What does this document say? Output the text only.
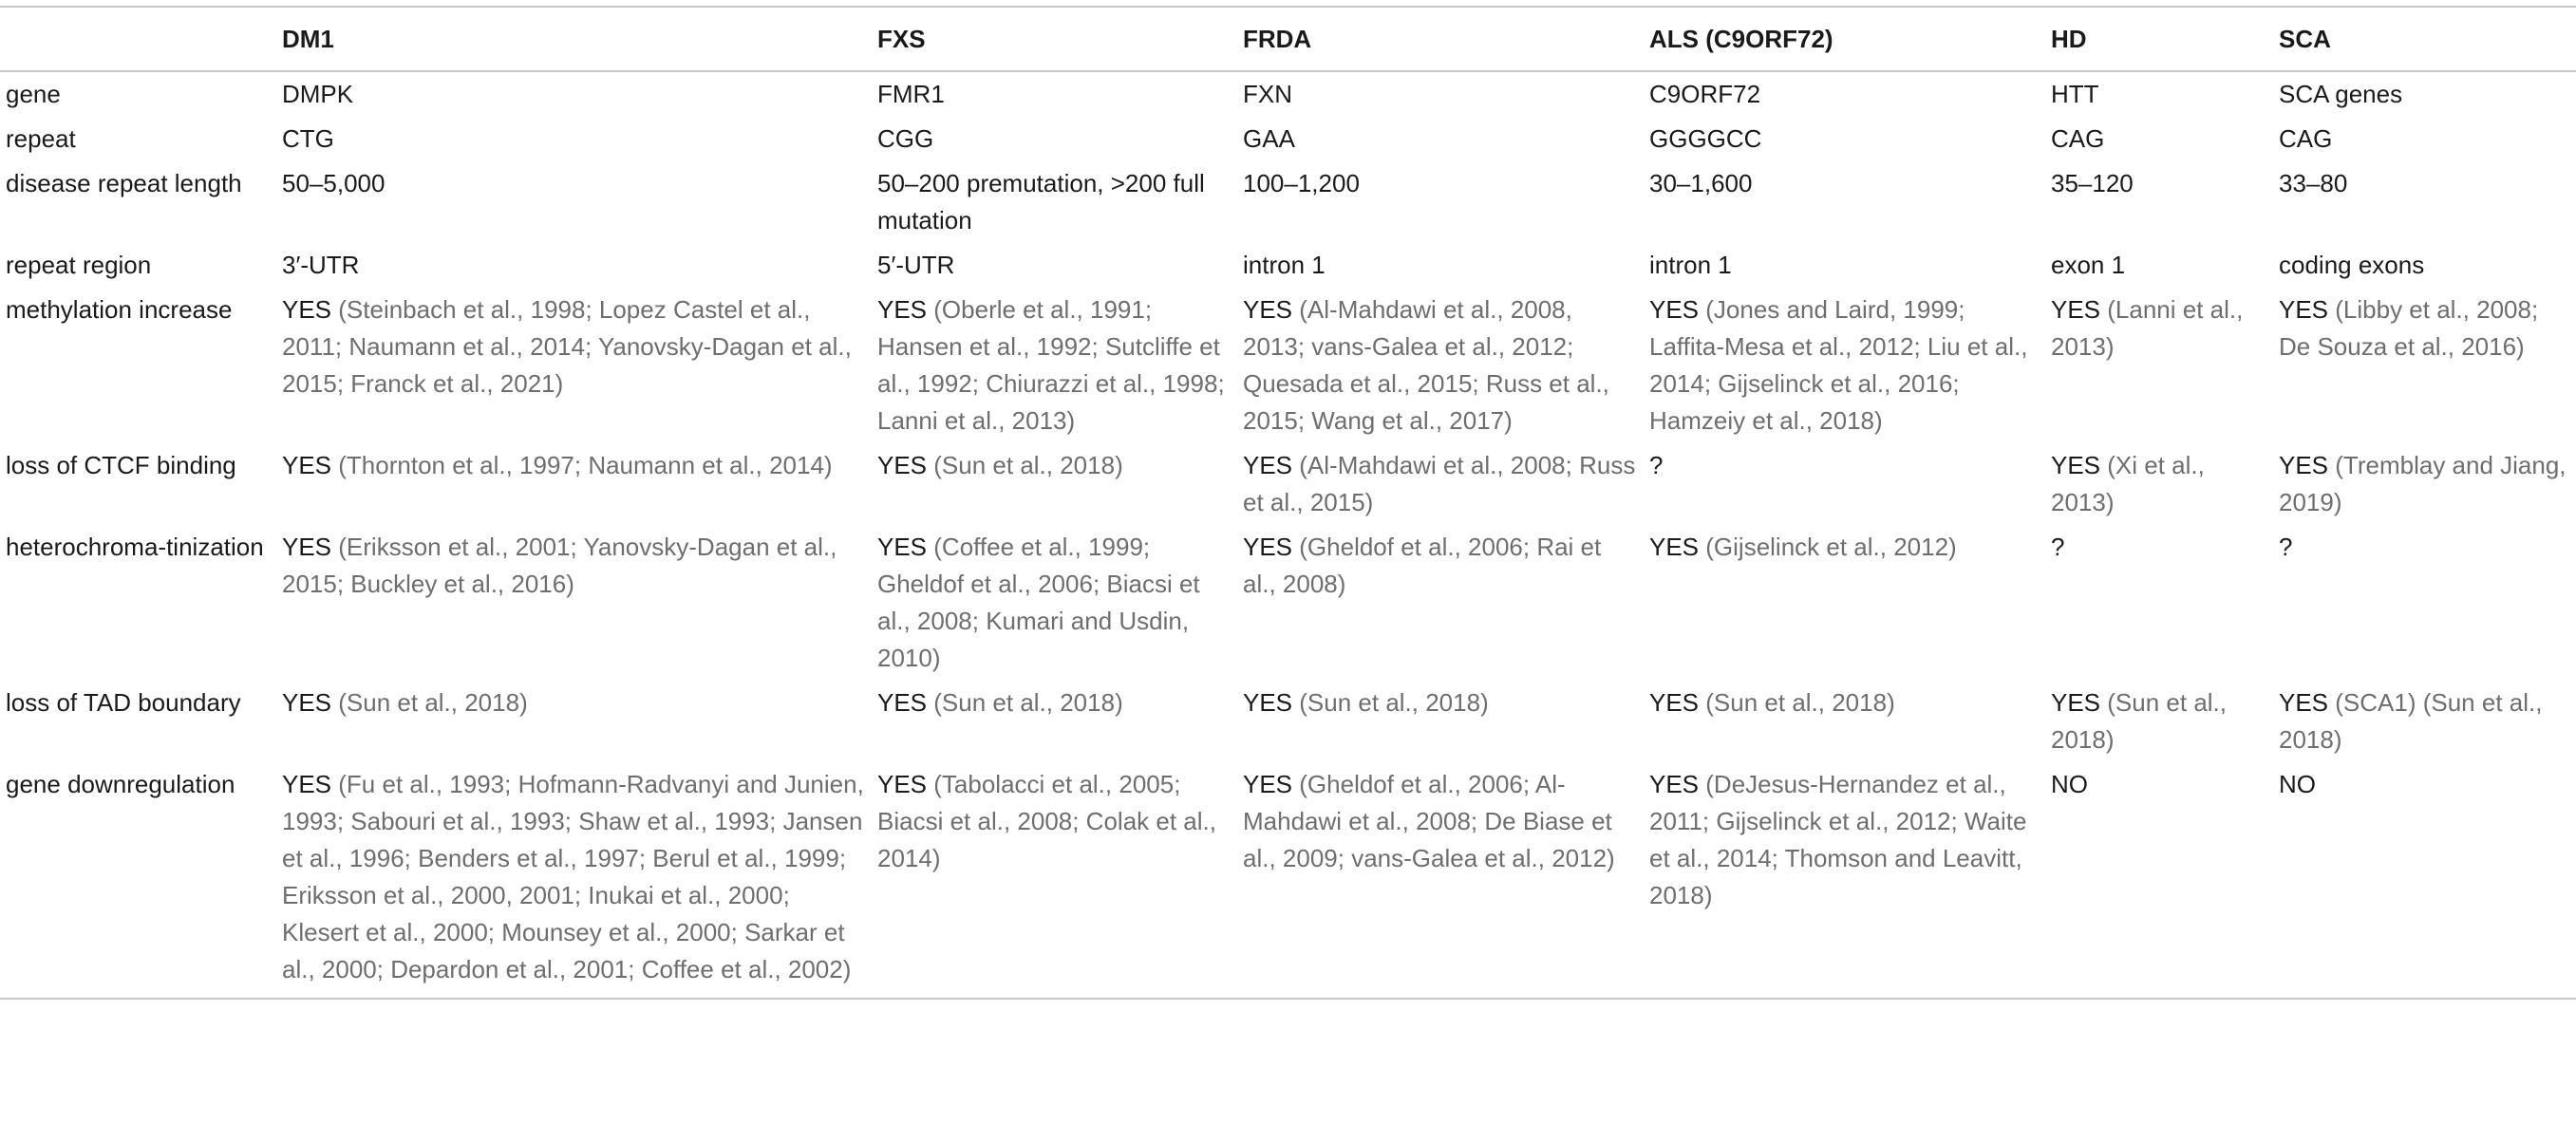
	DM1	FXS	FRDA	ALS (C9ORF72)	HD	SCA
gene	DMPK	FMR1	FXN	C9ORF72	HTT	SCA genes
repeat	CTG	CGG	GAA	GGGGCC	CAG	CAG
disease repeat length	50–5,000	50–200 premutation, >200 full mutation	100–1,200	30–1,600	35–120	33–80
repeat region	3′-UTR	5′-UTR	intron 1	intron 1	exon 1	coding exons
methylation increase	YES (Steinbach et al., 1998; Lopez Castel et al., 2011; Naumann et al., 2014; Yanovsky-Dagan et al., 2015; Franck et al., 2021)	YES (Oberle et al., 1991; Hansen et al., 1992; Sutcliffe et al., 1992; Chiurazzi et al., 1998; Lanni et al., 2013)	YES (Al-Mahdawi et al., 2008, 2013; vans-Galea et al., 2012; Quesada et al., 2015; Russ et al., 2015; Wang et al., 2017)	YES (Jones and Laird, 1999; Laffita-Mesa et al., 2012; Liu et al., 2014; Gijselinck et al., 2016; Hamzeiy et al., 2018)	YES (Lanni et al., 2013)	YES (Libby et al., 2008; De Souza et al., 2016)
loss of CTCF binding	YES (Thornton et al., 1997; Naumann et al., 2014)	YES (Sun et al., 2018)	YES (Al-Mahdawi et al., 2008; Russ et al., 2015)	?	YES (Xi et al., 2013)	YES (Tremblay and Jiang, 2019)
heterochroma-tinization	YES (Eriksson et al., 2001; Yanovsky-Dagan et al., 2015; Buckley et al., 2016)	YES (Coffee et al., 1999; Gheldof et al., 2006; Biacsi et al., 2008; Kumari and Usdin, 2010)	YES (Gheldof et al., 2006; Rai et al., 2008)	YES (Gijselinck et al., 2012)	?	?
loss of TAD boundary	YES (Sun et al., 2018)	YES (Sun et al., 2018)	YES (Sun et al., 2018)	YES (Sun et al., 2018)	YES (Sun et al., 2018)	YES (SCA1) (Sun et al., 2018)
gene downregulation	YES (Fu et al., 1993; Hofmann-Radvanyi and Junien, 1993; Sabouri et al., 1993; Shaw et al., 1993; Jansen et al., 1996; Benders et al., 1997; Berul et al., 1999; Eriksson et al., 2000, 2001; Inukai et al., 2000; Klesert et al., 2000; Mounsey et al., 2000; Sarkar et al., 2000; Depardon et al., 2001; Coffee et al., 2002)	YES (Tabolacci et al., 2005; Biacsi et al., 2008; Colak et al., 2014)	YES (Gheldof et al., 2006; Al-Mahdawi et al., 2008; De Biase et al., 2009; vans-Galea et al., 2012)	YES (DeJesus-Hernandez et al., 2011; Gijselinck et al., 2012; Waite et al., 2014; Thomson and Leavitt, 2018)	NO	NO
